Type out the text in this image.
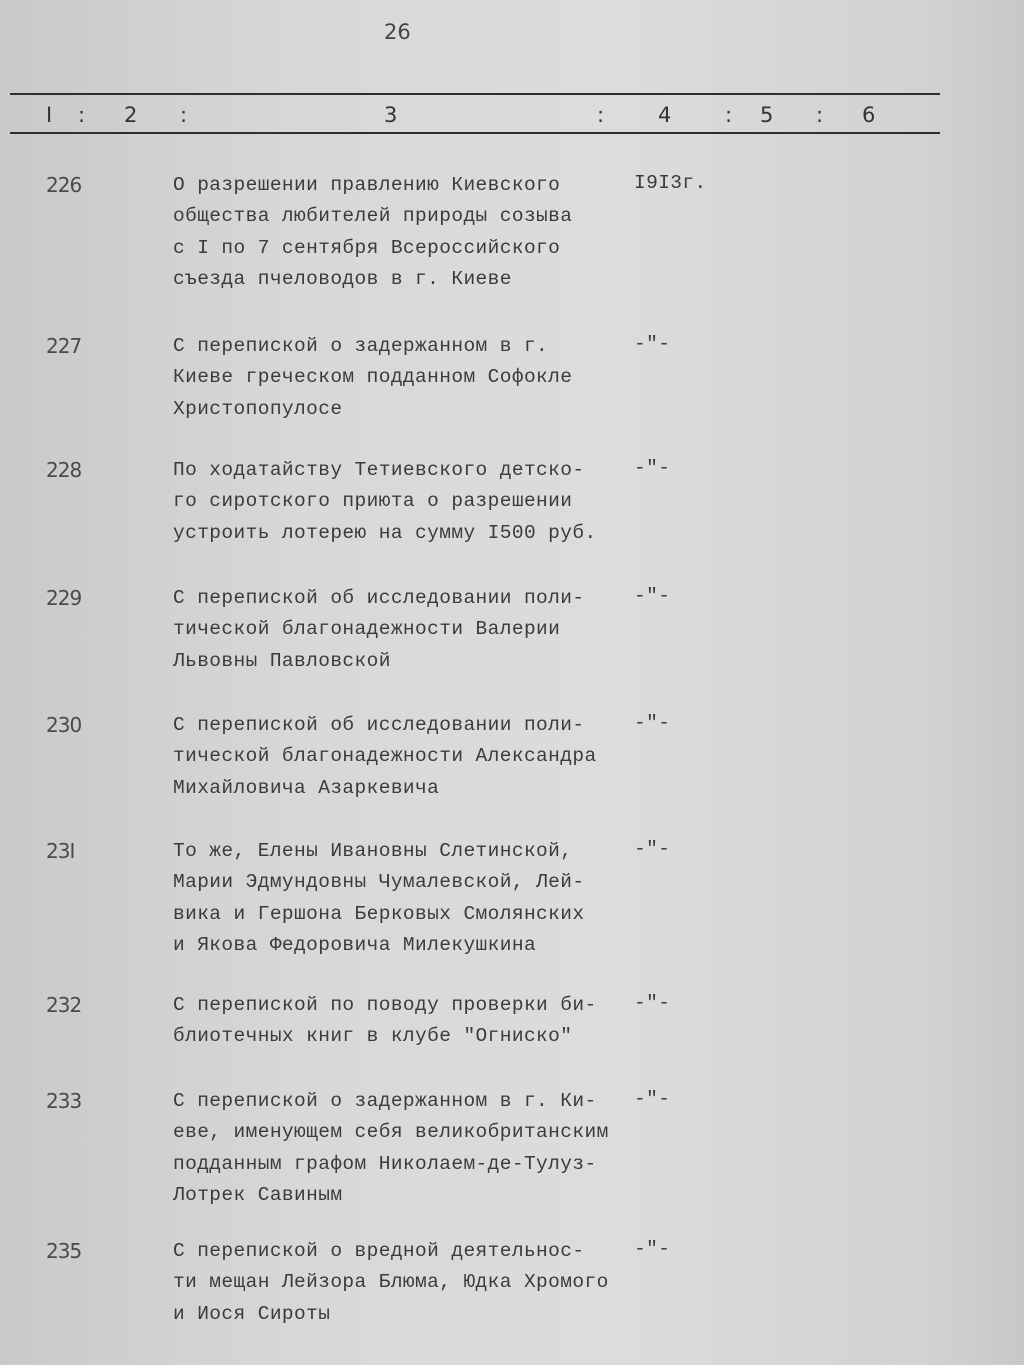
26
I : 2 :	3	:	4	: 5 : 6
226	О разрешении правлению Киевского
общества любителей природы созыва
с I по 7 сентября Всероссийского
съезда пчеловодов в г. Киеве
I9I3г.
227	С перепиской о задержанном в г.
Киеве греческом подданном Софокле
Христопопулосе
-"-
228	По ходатайству Тетиевского детско-
го сиротского приюта о разрешении
устроить лотерею на сумму I500 руб.
-"-
229	С перепиской об исследовании поли-
тической благонадежности Валерии
Львовны Павловской
-"-
230	С перепиской об исследовании поли-
тической благонадежности Александра
Михайловича Азаркевича
-"-
23I	То же, Елены Ивановны Слетинской,
Марии Эдмундовны Чумалевской, Лей-
вика и Гершона Берковых Смолянских
и Якова Федоровича Милекушкина
-"-
232	С перепиской по поводу проверки би-
блиотечных книг в клубе "Огниско"
-"-
233	С перепиской о задержанном в г. Ки-
еве, именующем себя великобританским
подданным графом Николаем-де-Тулуз-
Лотрек Савиным
-"-
235	С перепиской о вредной деятельнос-
ти мещан Лейзора Блюма, Юдка Хромого
и Иося Сироты
-"-
